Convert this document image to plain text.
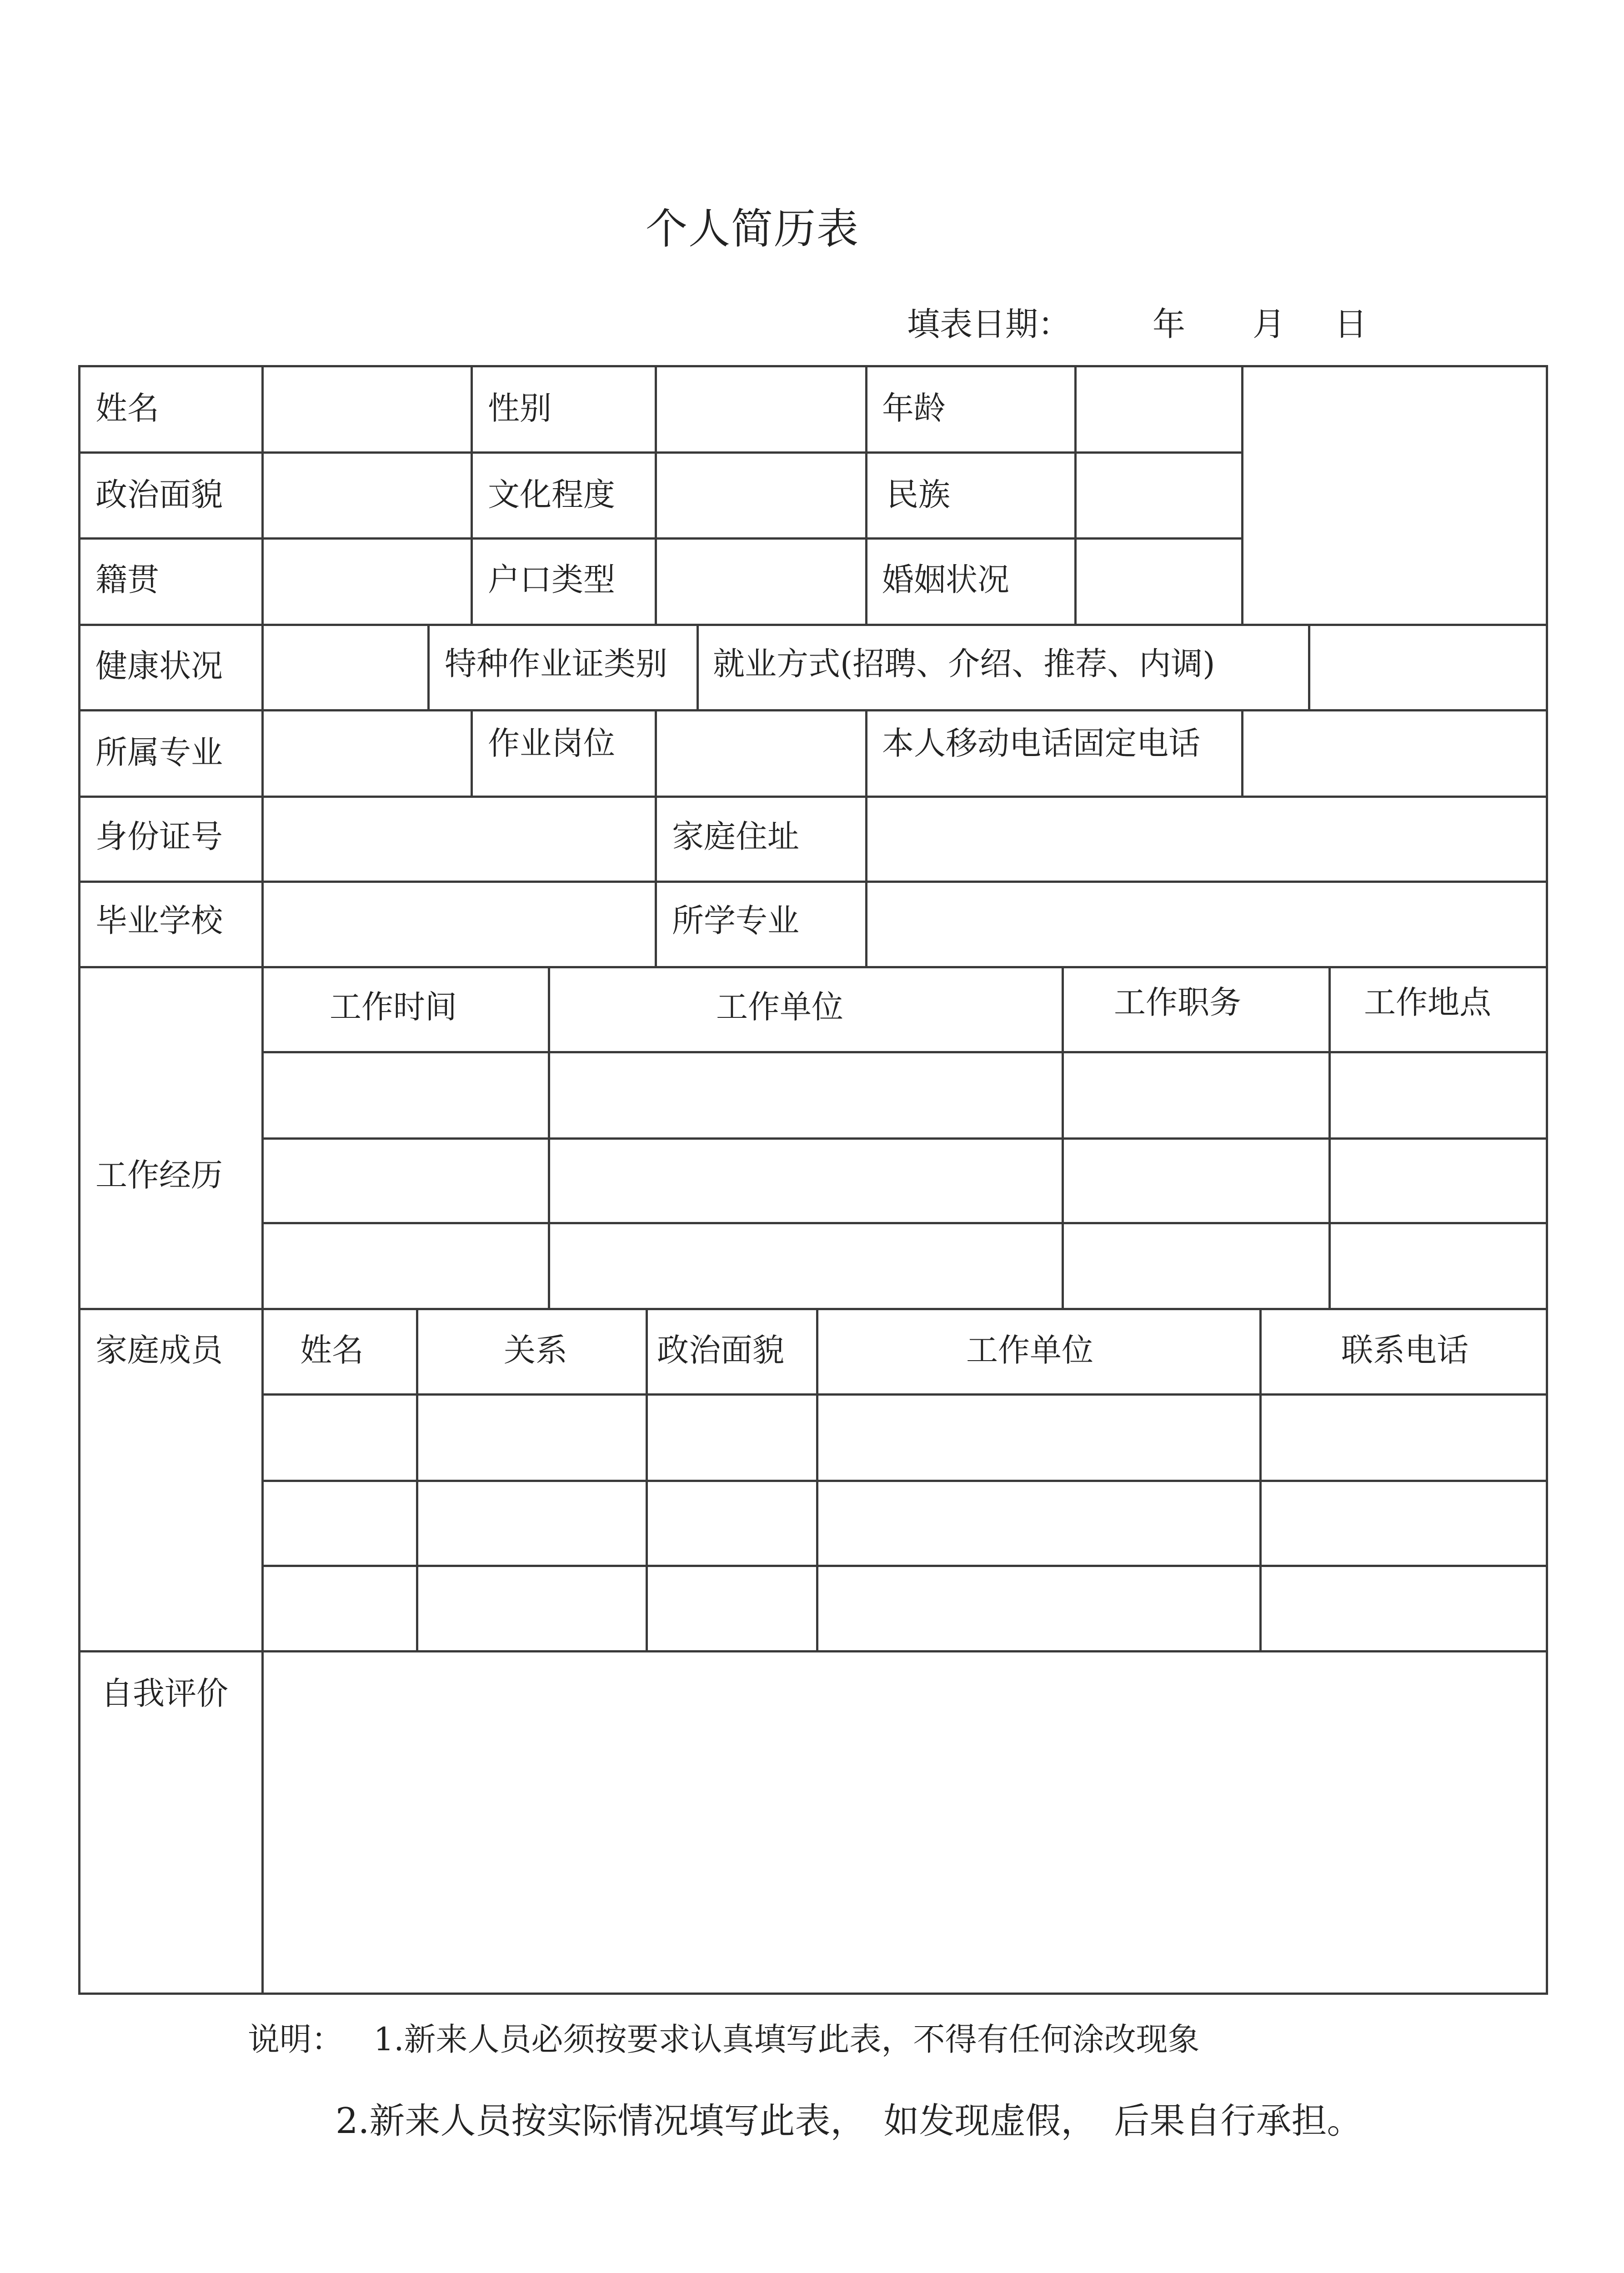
个人简历表
填表日期： 年 月 日
姓名	性别	年龄
政治面貌	文化程度	民族
籍贯	户口类型	婚姻状况
健康状况	特种作业证类别 就业方式(招聘、介绍、推荐、内调)
所属专业	作业岗位	本人移动电话固定电话
身份证号	家庭住址
毕业学校	所学专业
工作经历
工作时间	工作单位	工作职务	工作地点
家庭成员 姓名	关系	政治面貌	工作单位	联系电话
自我评价
说明： 1.新来人员必须按要求认真填写此表，不得有任何涂改现象
2.新来人员按实际情况填写此表，　如发现虚假，　后果自行承担。
